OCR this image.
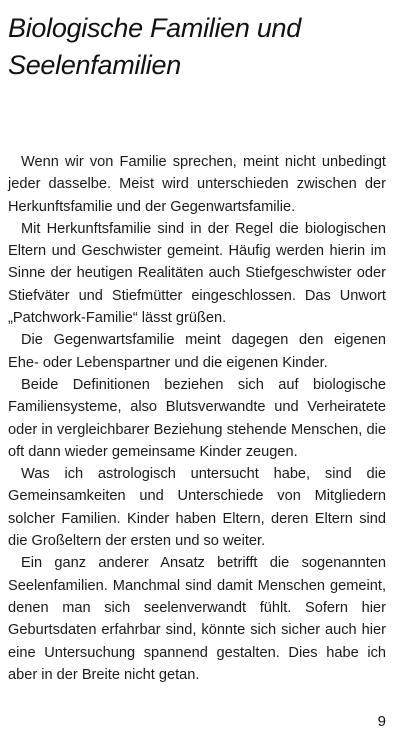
Biologische Familien und Seelenfamilien

Wenn wir von Familie sprechen, meint nicht unbedingt jeder dasselbe. Meist wird unterschieden zwischen der Herkunftsfamilie und der Gegenwartsfamilie.

Mit Herkunftsfamilie sind in der Regel die biologischen Eltern und Geschwister gemeint. Häufig werden hierin im Sinne der heutigen Realitäten auch Stiefgeschwister oder Stiefväter und Stiefmütter eingeschlossen. Das Unwort „Patchwork-Familie“ lässt grüßen.

Die Gegenwartsfamilie meint dagegen den eigenen Ehe- oder Lebenspartner und die eigenen Kinder.

Beide Definitionen beziehen sich auf biologische Familiensysteme, also Blutsverwandte und Verheiratete oder in vergleichbarer Beziehung stehende Menschen, die oft dann wieder gemeinsame Kinder zeugen.

Was ich astrologisch untersucht habe, sind die Gemeinsamkeiten und Unterschiede von Mitgliedern solcher Familien. Kinder haben Eltern, deren Eltern sind die Großeltern der ersten und so weiter.

Ein ganz anderer Ansatz betrifft die sogenannten Seelenfamilien. Manchmal sind damit Menschen gemeint, denen man sich seelenverwandt fühlt. Sofern hier Geburtsdaten erfahrbar sind, könnte sich sicher auch hier eine Untersuchung spannend gestalten. Dies habe ich aber in der Breite nicht getan.

9
